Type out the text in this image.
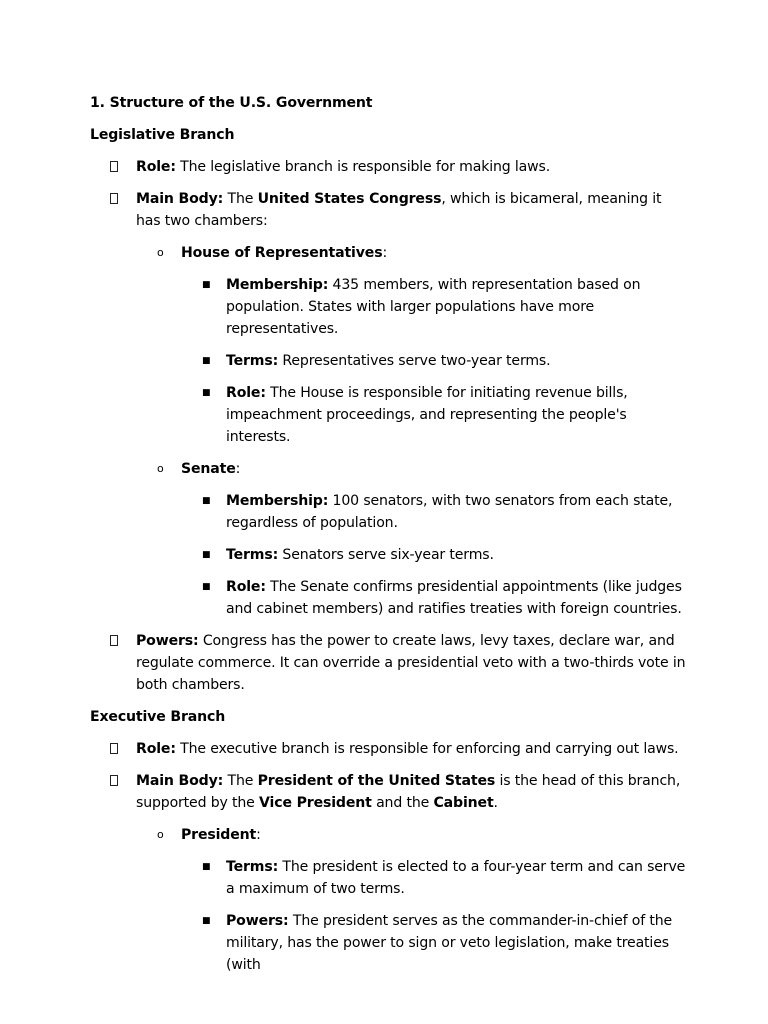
1. Structure of the U.S. Government
Legislative Branch
Role: The legislative branch is responsible for making laws.
Main Body: The United States Congress, which is bicameral, meaning it has two chambers:
o House of Representatives:
■ Membership: 435 members, with representation based on population. States with larger populations have more representatives.
■ Terms: Representatives serve two-year terms.
■ Role: The House is responsible for initiating revenue bills, impeachment proceedings, and representing the people's interests.
o Senate:
■ Membership: 100 senators, with two senators from each state, regardless of population.
■ Terms: Senators serve six-year terms.
■ Role: The Senate confirms presidential appointments (like judges and cabinet members) and ratifies treaties with foreign countries.
Powers: Congress has the power to create laws, levy taxes, declare war, and regulate commerce. It can override a presidential veto with a two-thirds vote in both chambers.
Executive Branch
Role: The executive branch is responsible for enforcing and carrying out laws.
Main Body: The President of the United States is the head of this branch, supported by the Vice President and the Cabinet.
o President:
■ Terms: The president is elected to a four-year term and can serve a maximum of two terms.
■ Powers: The president serves as the commander-in-chief of the military, has the power to sign or veto legislation, make treaties (with
